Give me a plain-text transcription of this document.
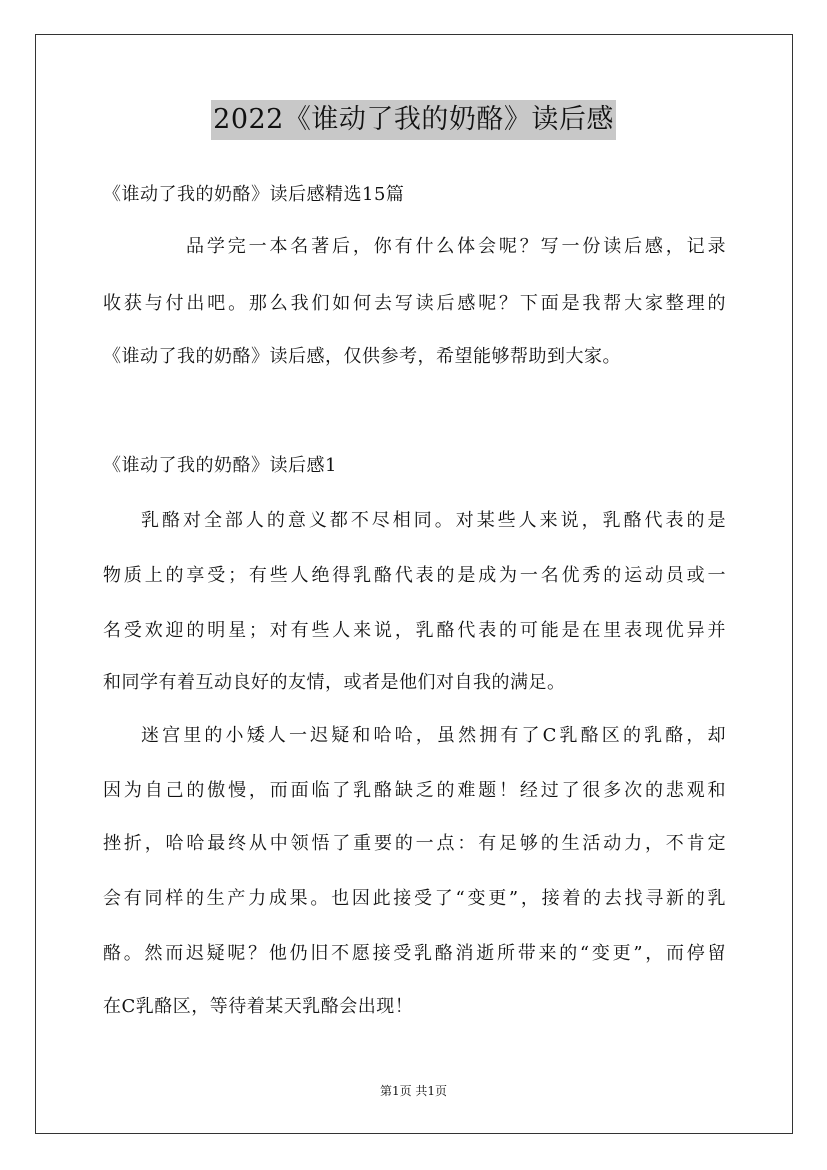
2022《谁动了我的奶酪》读后感
《谁动了我的奶酪》读后感精选15篇
品学完一本名著后，你有什么体会呢？写一份读后感，记录
收获与付出吧。那么我们如何去写读后感呢？下面是我帮大家整理的
《谁动了我的奶酪》读后感，仅供参考，希望能够帮助到大家。
《谁动了我的奶酪》读后感1
乳酪对全部人的意义都不尽相同。对某些人来说，乳酪代表的是
物质上的享受；有些人绝得乳酪代表的是成为一名优秀的运动员或一
名受欢迎的明星；对有些人来说，乳酪代表的可能是在里表现优异并
和同学有着互动良好的友情，或者是他们对自我的满足。
迷宫里的小矮人一迟疑和哈哈，虽然拥有了C乳酪区的乳酪，却
因为自己的傲慢，而面临了乳酪缺乏的难题！经过了很多次的悲观和
挫折，哈哈最终从中领悟了重要的一点：有足够的生活动力，不肯定
会有同样的生产力成果。也因此接受了“变更”，接着的去找寻新的乳
酪。然而迟疑呢？他仍旧不愿接受乳酪消逝所带来的“变更”，而停留
在C乳酪区，等待着某天乳酪会出现！
第1页 共1页
